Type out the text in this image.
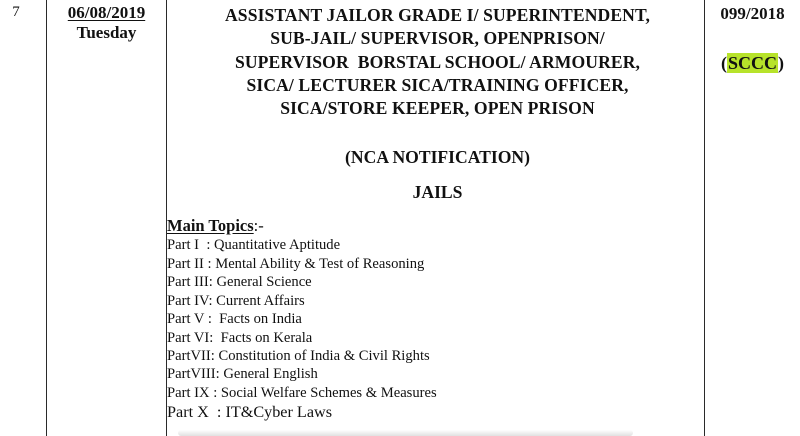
7	06/08/2019
Tuesday
ASSISTANT JAILOR GRADE I/ SUPERINTENDENT,
SUB-JAIL/ SUPERVISOR, OPENPRISON/
SUPERVISOR  BORSTAL SCHOOL/ ARMOURER,
SICA/ LECTURER SICA/TRAINING OFFICER,
SICA/STORE KEEPER, OPEN PRISON
(NCA NOTIFICATION)
JAILS
Main Topics:-
Part I  : Quantitative Aptitude
Part II : Mental Ability & Test of Reasoning
Part III: General Science
Part IV: Current Affairs
Part V :  Facts on India
Part VI:  Facts on Kerala
PartVII: Constitution of India & Civil Rights
PartVIII: General English
Part IX : Social Welfare Schemes & Measures
Part X  : IT&Cyber Laws
099/2018
(SCCC)
